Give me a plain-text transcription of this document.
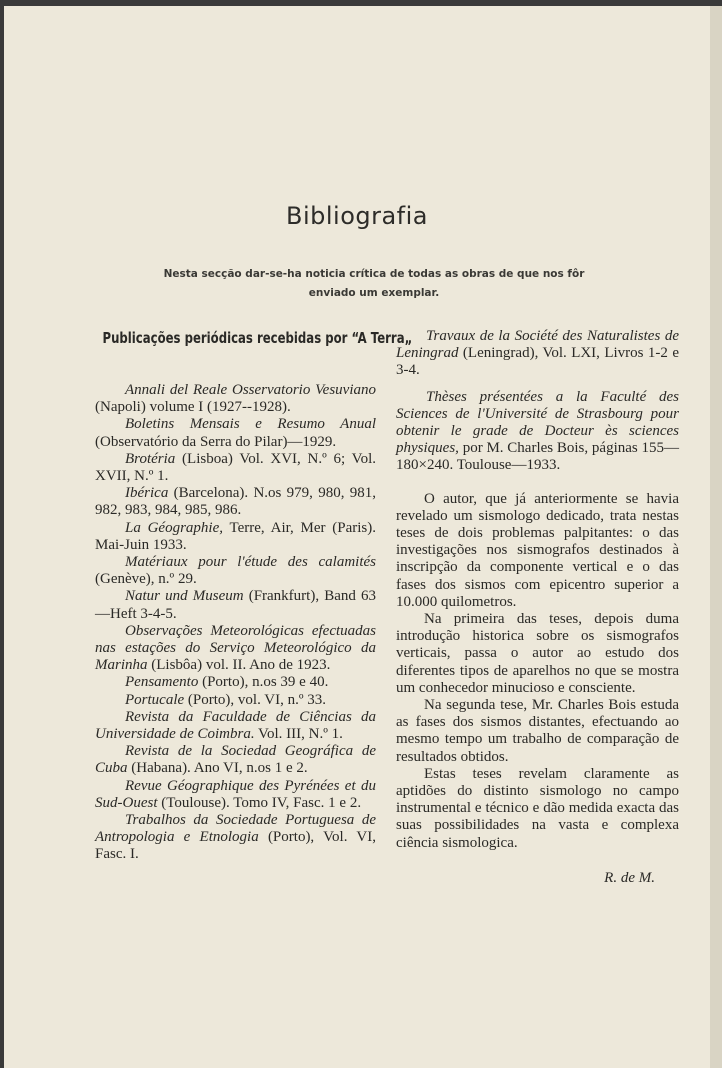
Bibliografia
Nesta secção dar-se-ha noticia crítica de todas as obras de que nos fôr enviado um exemplar.
Publicações periódicas recebidas por “A Terra„

Annali del Reale Osservatorio Vesuviano (Napoli) volume I (1927--1928).

Boletins Mensais e Resumo Anual (Observatório da Serra do Pilar)—1929.

Brotéria (Lisboa) Vol. XVI, N.º 6; Vol. XVII, N.º 1.

Ibérica (Barcelona). N.os 979, 980, 981, 982, 983, 984, 985, 986.

La Géographie, Terre, Air, Mer (Paris). Mai-Juin 1933.

Matériaux pour l'étude des calamités (Genève), n.º 29.

Natur und Museum (Frankfurt), Band 63—Heft 3-4-5.

Observações Meteorológicas efectuadas nas estações do Serviço Meteorológico da Marinha (Lisbôa) vol. II. Ano de 1923.

Pensamento (Porto), n.os 39 e 40.

Portucale (Porto), vol. VI, n.º 33.

Revista da Faculdade de Ciências da Universidade de Coimbra. Vol. III, N.º 1.

Revista de la Sociedad Geográfica de Cuba (Habana). Ano VI, n.os 1 e 2.

Revue Géographique des Pyrénées et du Sud-Ouest (Toulouse). Tomo IV, Fasc. 1 e 2.

Trabalhos da Sociedade Portuguesa de Antropologia e Etnologia (Porto), Vol. VI, Fasc. I.

Travaux de la Société des Naturalistes de Leningrad (Leningrad), Vol. LXI, Livros 1-2 e 3-4.

Thèses présentées a la Faculté des Sciences de l'Université de Strasbourg pour obtenir le grade de Docteur ès sciences physiques, por M. Charles Bois, páginas 155—180×240. Toulouse—1933.

O autor, que já anteriormente se havia revelado um sismologo dedicado, trata nestas teses de dois problemas palpitantes: o das investigações nos sismografos destinados à inscripção da componente vertical e o das fases dos sismos com epicentro superior a 10.000 quilometros.

Na primeira das teses, depois duma introdução historica sobre os sismografos verticais, passa o autor ao estudo dos diferentes tipos de aparelhos no que se mostra um conhecedor minucioso e consciente.

Na segunda tese, Mr. Charles Bois estuda as fases dos sismos distantes, efectuando ao mesmo tempo um trabalho de comparação de resultados obtidos.

Estas teses revelam claramente as aptidões do distinto sismologo no campo instrumental e técnico e dão medida exacta das suas possibilidades na vasta e complexa ciência sismologica.

R. de M.
